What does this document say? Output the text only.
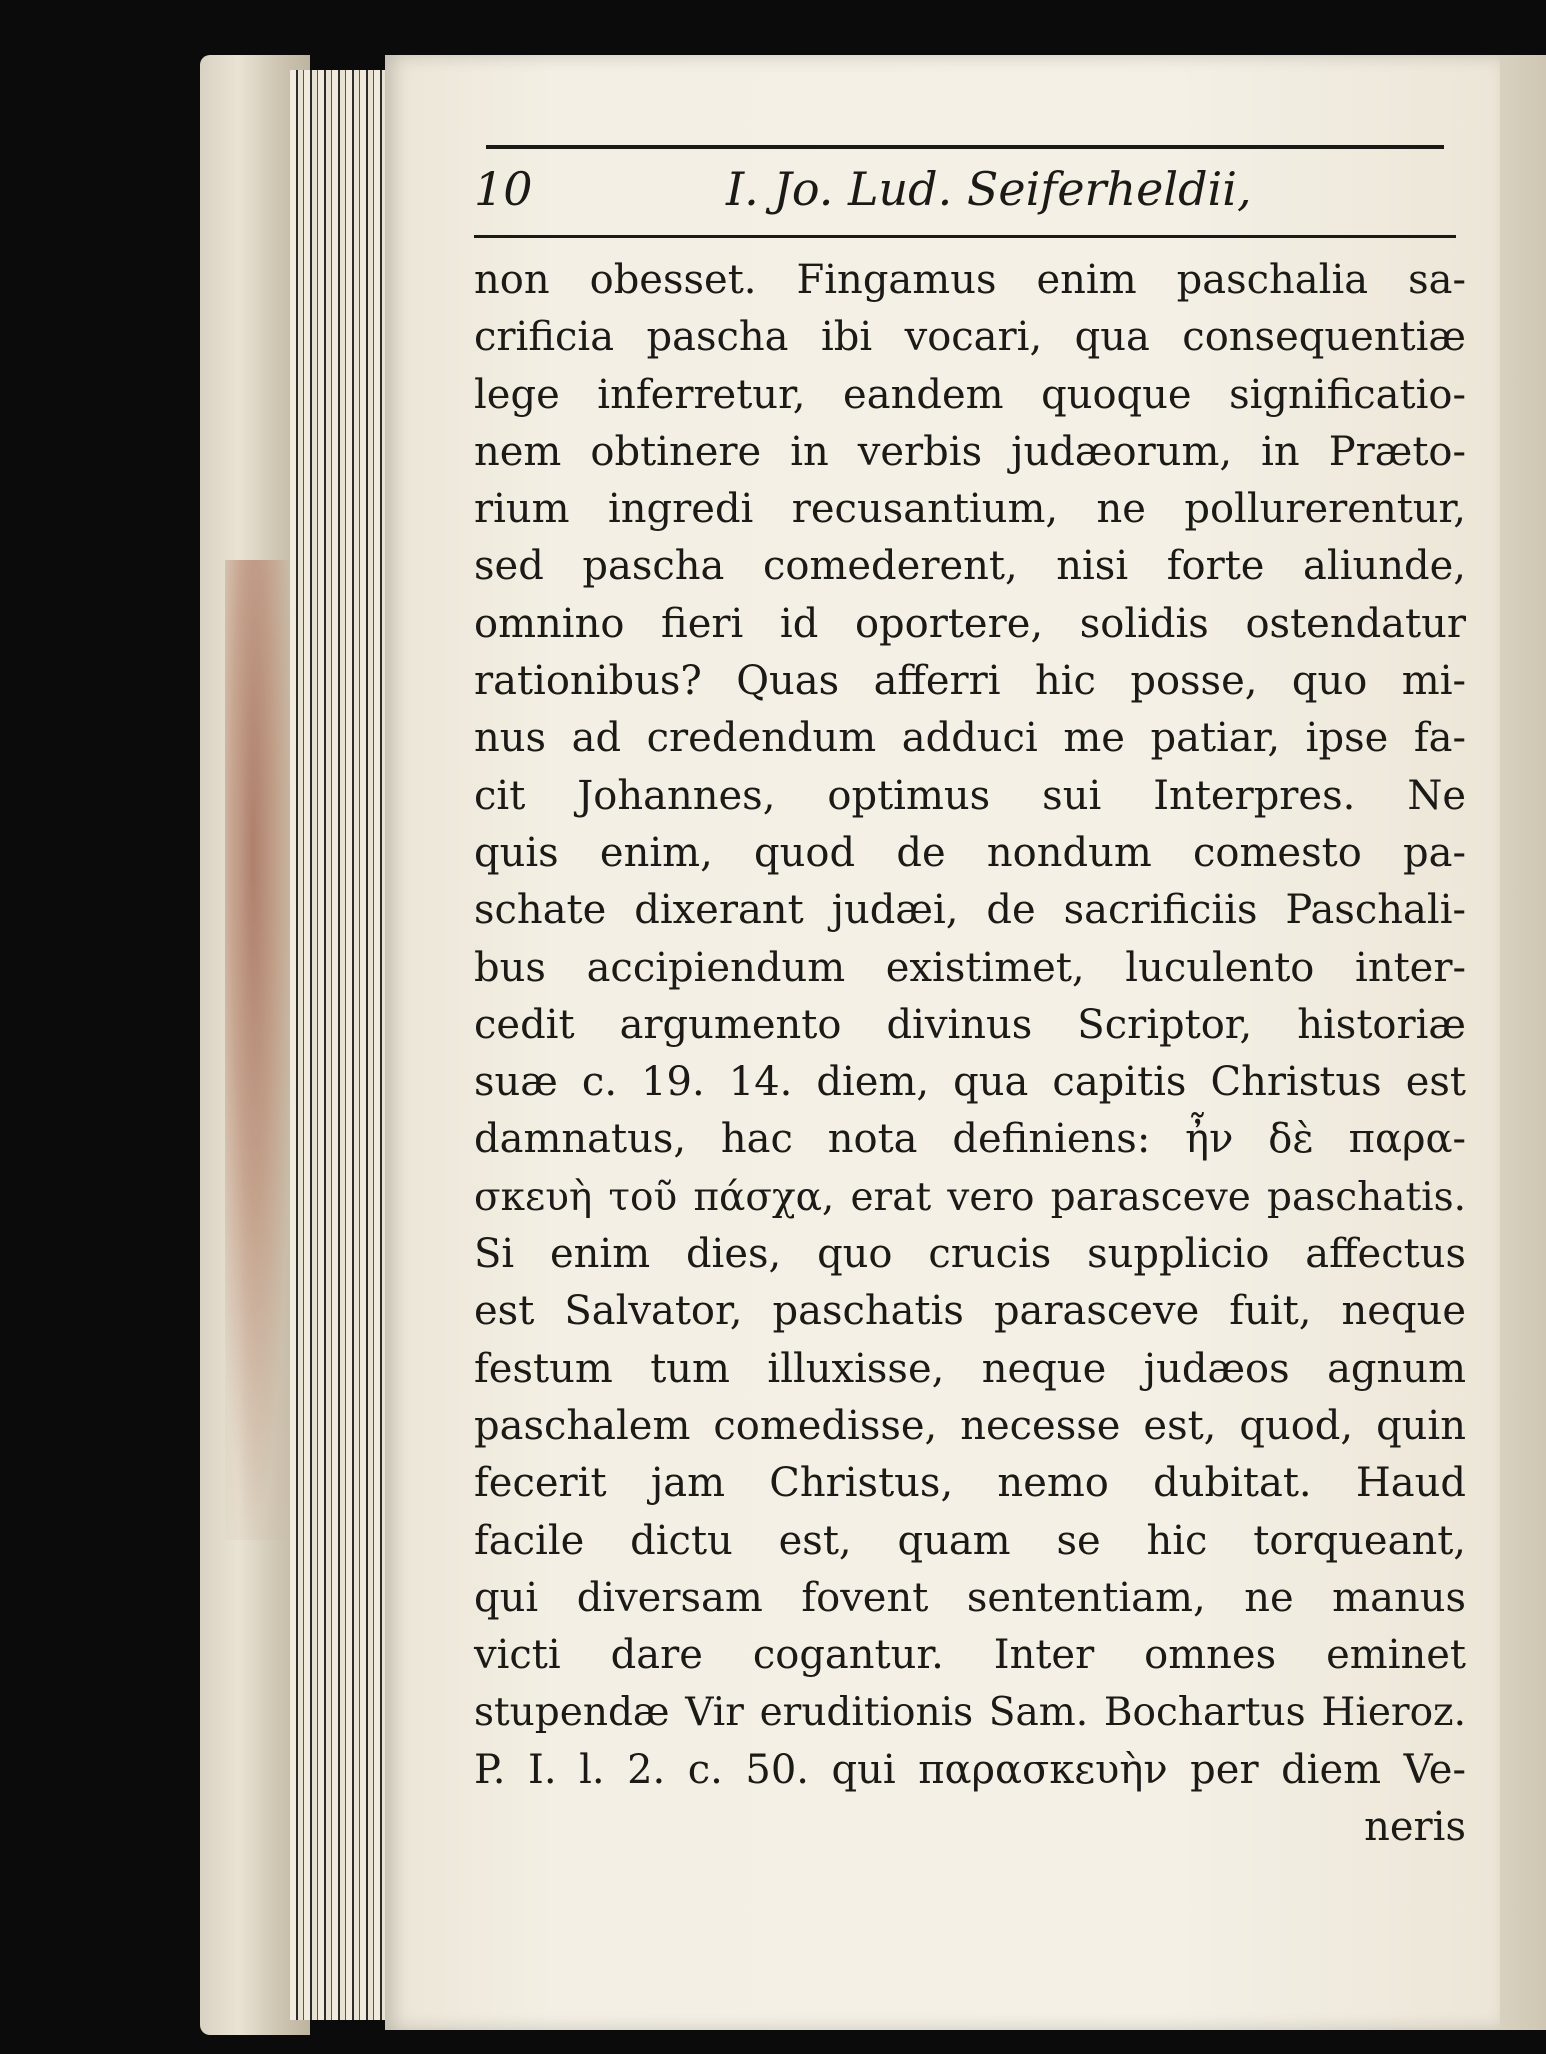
10	I. Jo. Lud. Seiferheldii,
non obesset. Fingamus enim paschalia sa-
crificia pascha ibi vocari, qua consequentiæ
lege inferretur, eandem quoque significatio-
nem obtinere in verbis judæorum, in Præto-
rium ingredi recusantium, ne pollurerentur,
sed pascha comederent, nisi forte aliunde,
omnino fieri id oportere, solidis ostendatur
rationibus? Quas afferri hic posse, quo mi-
nus ad credendum adduci me patiar, ipse fa-
cit Johannes, optimus sui Interpres. Ne
quis enim, quod de nondum comesto pa-
schate dixerant judæi, de sacrificiis Paschali-
bus accipiendum existimet, luculento inter-
cedit argumento divinus Scriptor, historiæ
suæ c. 19. 14. diem, qua capitis Christus est
damnatus, hac nota definiens: ἦν δὲ παρα-
σκευὴ τοῦ πάσχα, erat vero parasceve paschatis.
Si enim dies, quo crucis supplicio affectus
est Salvator, paschatis parasceve fuit, neque
festum tum illuxisse, neque judæos agnum
paschalem comedisse, necesse est, quod, quin
fecerit jam Christus, nemo dubitat. Haud
facile dictu est, quam se hic torqueant,
qui diversam fovent sententiam, ne manus
victi dare cogantur. Inter omnes eminet
stupendæ Vir eruditionis Sam. Bochartus Hieroz.
P. I. l. 2. c. 50. qui παρασκευὴν per diem Ve-
neris
